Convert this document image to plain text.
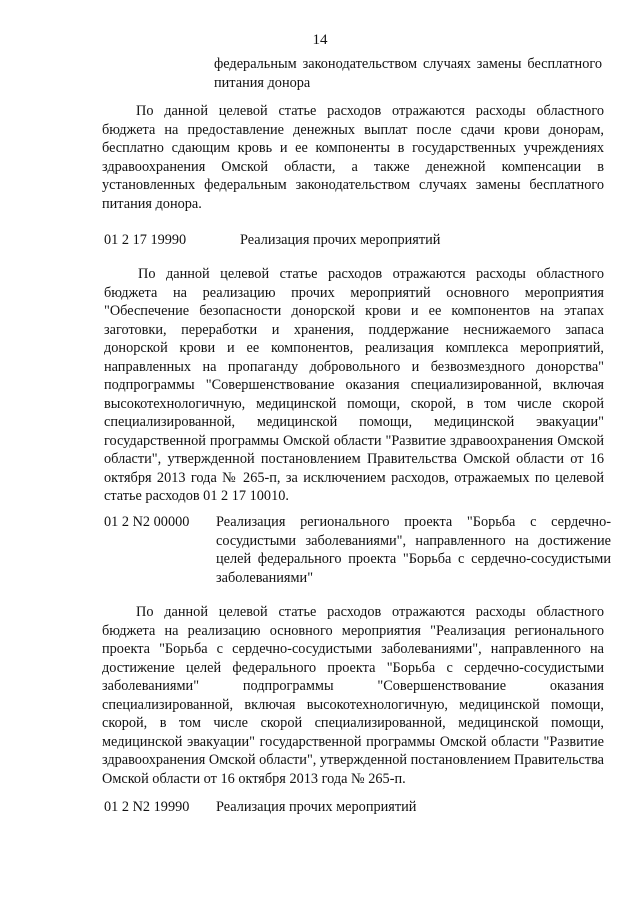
14

федеральным законодательством случаях замены бесплатного питания донора

По данной целевой статье расходов отражаются расходы областного бюджета на предоставление денежных выплат после сдачи крови донорам, бесплатно сдающим кровь и ее компоненты в государственных учреждениях здравоохранения Омской области, а также денежной компенсации в установленных федеральным законодательством случаях замены бесплатного питания донора.

01 2 17 19990	Реализация прочих мероприятий

По данной целевой статье расходов отражаются расходы областного бюджета на реализацию прочих мероприятий основного мероприятия "Обеспечение безопасности донорской крови и ее компонентов на этапах заготовки, переработки и хранения, поддержание неснижаемого запаса донорской крови и ее компонентов, реализация комплекса мероприятий, направленных на пропаганду добровольного и безвозмездного донорства" подпрограммы "Совершенствование оказания специализированной, включая высокотехнологичную, медицинской помощи, скорой, в том числе скорой специализированной, медицинской помощи, медицинской эвакуации" государственной программы Омской области "Развитие здравоохранения Омской области", утвержденной постановлением Правительства Омской области от 16 октября 2013 года № 265-п, за исключением расходов, отражаемых по целевой статье расходов 01 2 17 10010.

01 2 N2 00000 Реализация регионального проекта "Борьба с сердечно-сосудистыми заболеваниями", направленного на достижение целей федерального проекта "Борьба с сердечно-сосудистыми заболеваниями"

По данной целевой статье расходов отражаются расходы областного бюджета на реализацию основного мероприятия "Реализация регионального проекта "Борьба с сердечно-сосудистыми заболеваниями", направленного на достижение целей федерального проекта "Борьба с сердечно-сосудистыми заболеваниями" подпрограммы "Совершенствование оказания специализированной, включая высокотехнологичную, медицинской помощи, скорой, в том числе скорой специализированной, медицинской помощи, медицинской эвакуации" государственной программы Омской области "Развитие здравоохранения Омской области", утвержденной постановлением Правительства Омской области от 16 октября 2013 года № 265-п.

01 2 N2 19990 Реализация прочих мероприятий
